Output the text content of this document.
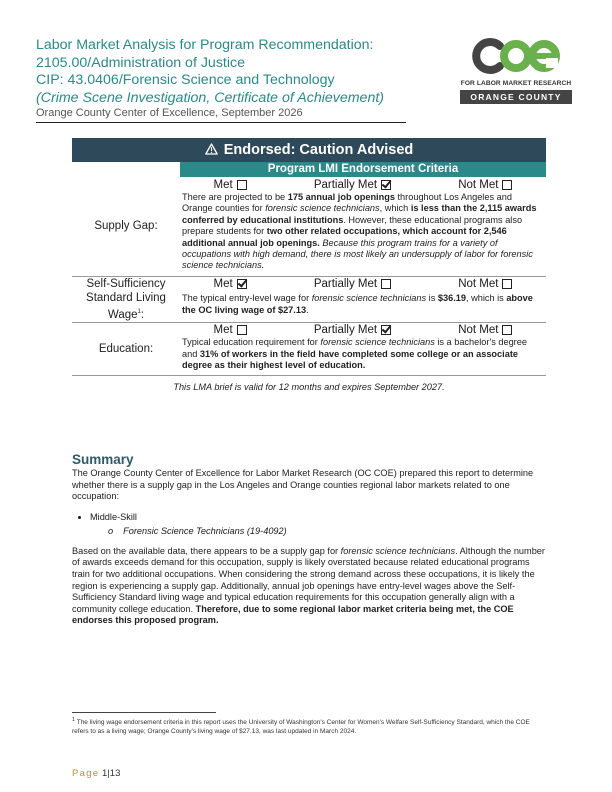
Labor Market Analysis for Program Recommendation:
2105.00/Administration of Justice
CIP: 43.0406/Forensic Science and Technology
(Crime Scene Investigation, Certificate of Achievement)
Orange County Center of Excellence, September 2026
FOR LABOR MARKET RESEARCH
ORANGE COUNTY
Endorsed: Caution Advised	
	Program LMI Endorsement Criteria
Supply Gap:	Met Partially Met Not Met

	There are projected to be 175 annual job openings throughout Los Angeles and Orange counties for forensic science technicians, which is less than the 2,115 awards conferred by educational institutions. However, these educational programs also prepare students for two other related occupations, which account for 2,546 additional annual job openings. Because this program trains for a variety of occupations with high demand, there is most likely an undersupply of labor for forensic science technicians.
Self-Sufficiency Standard Living Wage$^1$:	Met Partially Met Not Met

	The typical entry-level wage for forensic science technicians is $36.19, which is above the OC living wage of $27.13.
Education:	Met Partially Met Not Met

	Typical education requirement for forensic science technicians is a bachelor's degree and 31% of workers in the field have completed some college or an associate degree as their highest level of education.
This LMA brief is valid for 12 months and expires September 2027.	
Summary

The Orange County Center of Excellence for Labor Market Research (OC COE) prepared this report to determine whether there is a supply gap in the Los Angeles and Orange counties regional labor markets related to one occupation:

• Middle-Skill
o Forensic Science Technicians (19-4092)

Based on the available data, there appears to be a supply gap for forensic science technicians. Although the number of awards exceeds demand for this occupation, supply is likely overstated because related educational programs train for two additional occupations. When considering the strong demand across these occupations, it is likely the region is experiencing a supply gap. Additionally, annual job openings have entry-level wages above the Self-Sufficiency Standard living wage and typical education requirements for this occupation generally align with a community college education. Therefore, due to some regional labor market criteria being met, the COE endorses this proposed program.

$^1$ The living wage endorsement criteria in this report uses the University of Washington's Center for Women's Welfare Self-Sufficiency Standard, which the COE refers to as a living wage; Orange County's living wage of $27.13, was last updated in March 2024.
Page 1|13
